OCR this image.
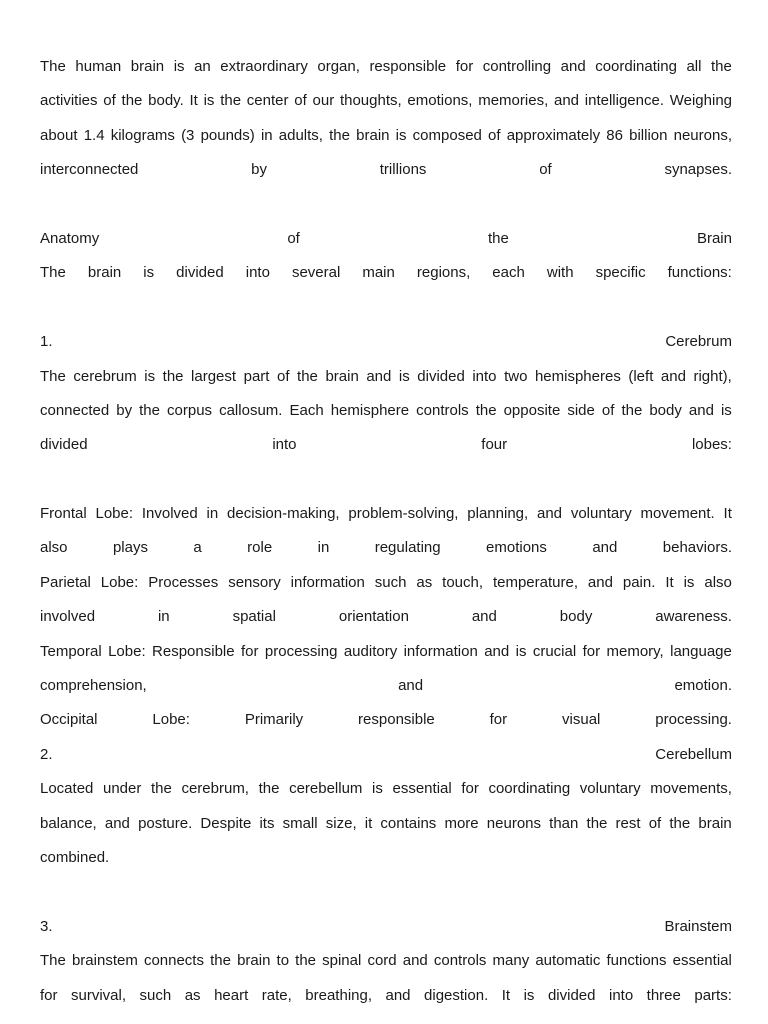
The human brain is an extraordinary organ, responsible for controlling and coordinating all the
activities of the body. It is the center of our thoughts, emotions, memories, and intelligence. Weighing
about 1.4 kilograms (3 pounds) in adults, the brain is composed of approximately 86 billion neurons,
interconnected	by	trillions	of	synapses.
Anatomy	of	the	Brain
The brain is divided into several main regions, each with specific functions:
1.	Cerebrum
The cerebrum is the largest part of the brain and is divided into two hemispheres (left and right),
connected by the corpus callosum. Each hemisphere controls the opposite side of the body and is
divided	into	four	lobes:
Frontal Lobe: Involved in decision-making, problem-solving, planning, and voluntary movement. It
also	plays	a	role	in	regulating	emotions	and	behaviors.
Parietal Lobe: Processes sensory information such as touch, temperature, and pain. It is also
involved	in	spatial	orientation	and	body	awareness.
Temporal Lobe: Responsible for processing auditory information and is crucial for memory, language
comprehension,	and	emotion.
Occipital	Lobe:	Primarily	responsible	for	visual	processing.
2.	Cerebellum
Located under the cerebrum, the cerebellum is essential for coordinating voluntary movements,
balance, and posture. Despite its small size, it contains more neurons than the rest of the brain
combined.
3.	Brainstem
The brainstem connects the brain to the spinal cord and controls many automatic functions essential
for survival, such as heart rate, breathing, and digestion. It is divided into three parts:
